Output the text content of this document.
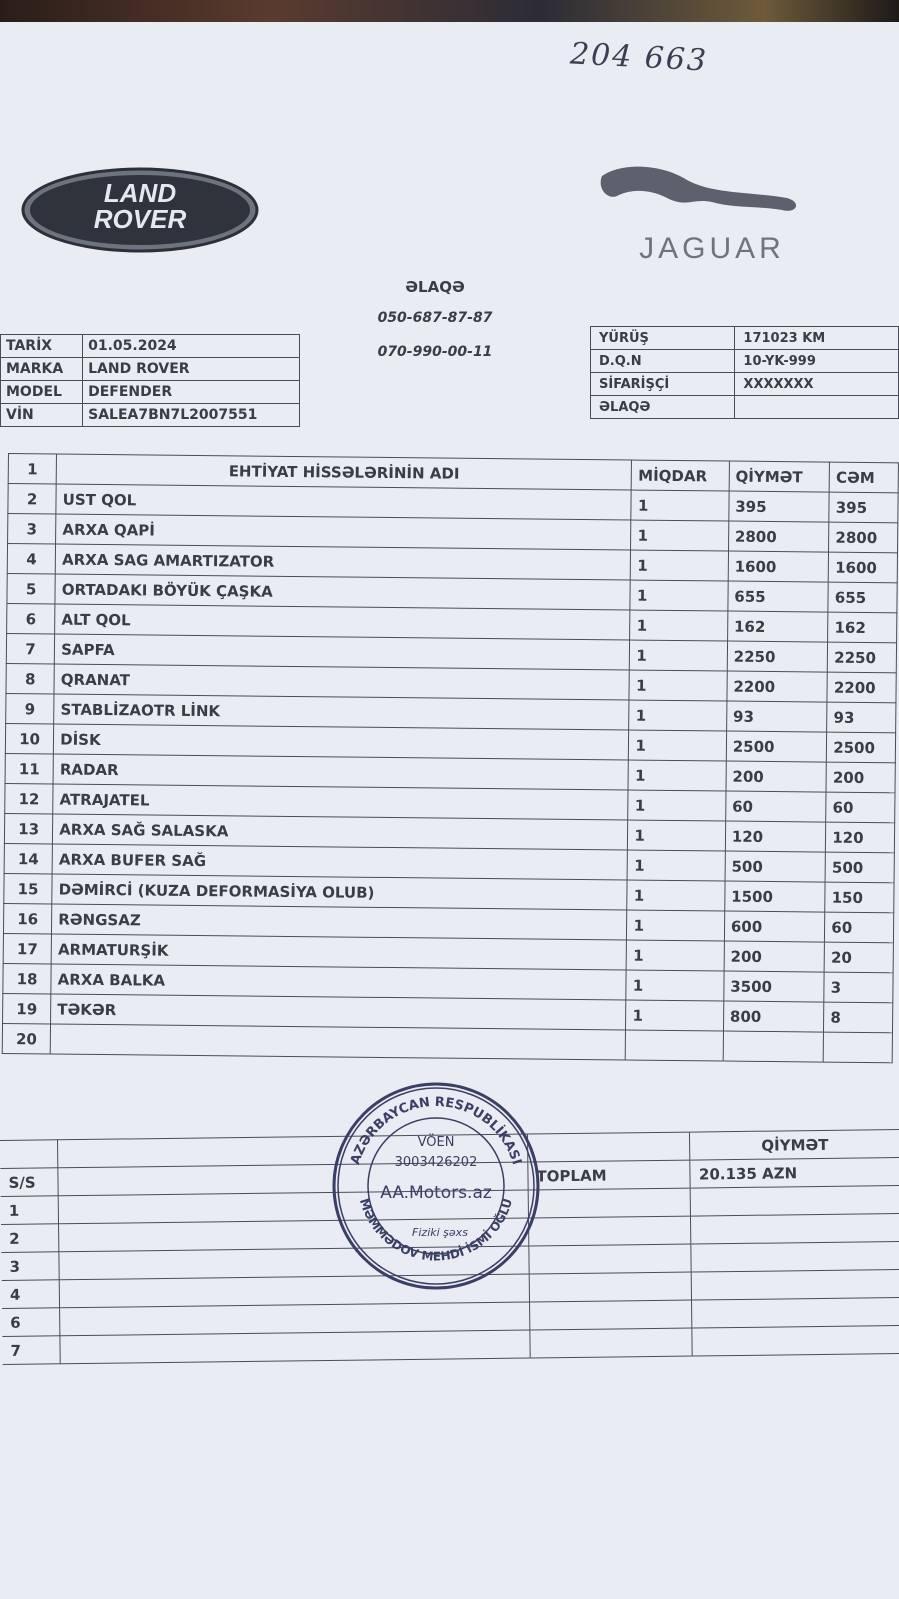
204 663
LAND
ROVER
JAGUAR
ƏLAQƏ
050-687-87-87
070-990-00-11
TARİX	01.05.2024
MARKA	LAND ROVER
MODEL	DEFENDER
VİN	SALEA7BN7L2007551
YÜRÜŞ	171023 KM
D.Q.N	10-YK-999
SİFARİŞÇİ	XXXXXXX
ƏLAQƏ	
1	EHTİYAT HİSSƏLƏRİNİN ADI	MİQDAR	QİYMƏT	CƏM
2	UST QOL	1	395	395
3	ARXA QAPİ	1	2800	2800
4	ARXA SAG AMARTIZATOR	1	1600	1600
5	ORTADAKI BÖYÜK ÇAŞKA	1	655	655
6	ALT QOL	1	162	162
7	SAPFA	1	2250	2250
8	QRANAT	1	2200	2200
9	STABLİZAOTR LİNK	1	93	93
10	DİSK	1	2500	2500
11	RADAR	1	200	200
12	ATRAJATEL	1	60	60
13	ARXA SAĞ SALASKA	1	120	120
14	ARXA BUFER SAĞ	1	500	500
15	DƏMİRCİ (KUZA DEFORMASİYA OLUB)	1	1500	150
16	RƏNGSAZ	1	600	60
17	ARMATURŞİK	1	200	20
18	ARXA BALKA	1	3500	3
19	TƏKƏR	1	800	8
20				
			QİYMƏT
S/S		TOPLAM	20.135 AZN
1			
2			
3			
4			
6			
7			
AZƏRBAYCAN RESPUBLİKASI
MƏMMƏDOV MEHDİ İSMİ OĞLU
VÖEN
3003426202
AA.Motors.az
Fiziki şəxs
